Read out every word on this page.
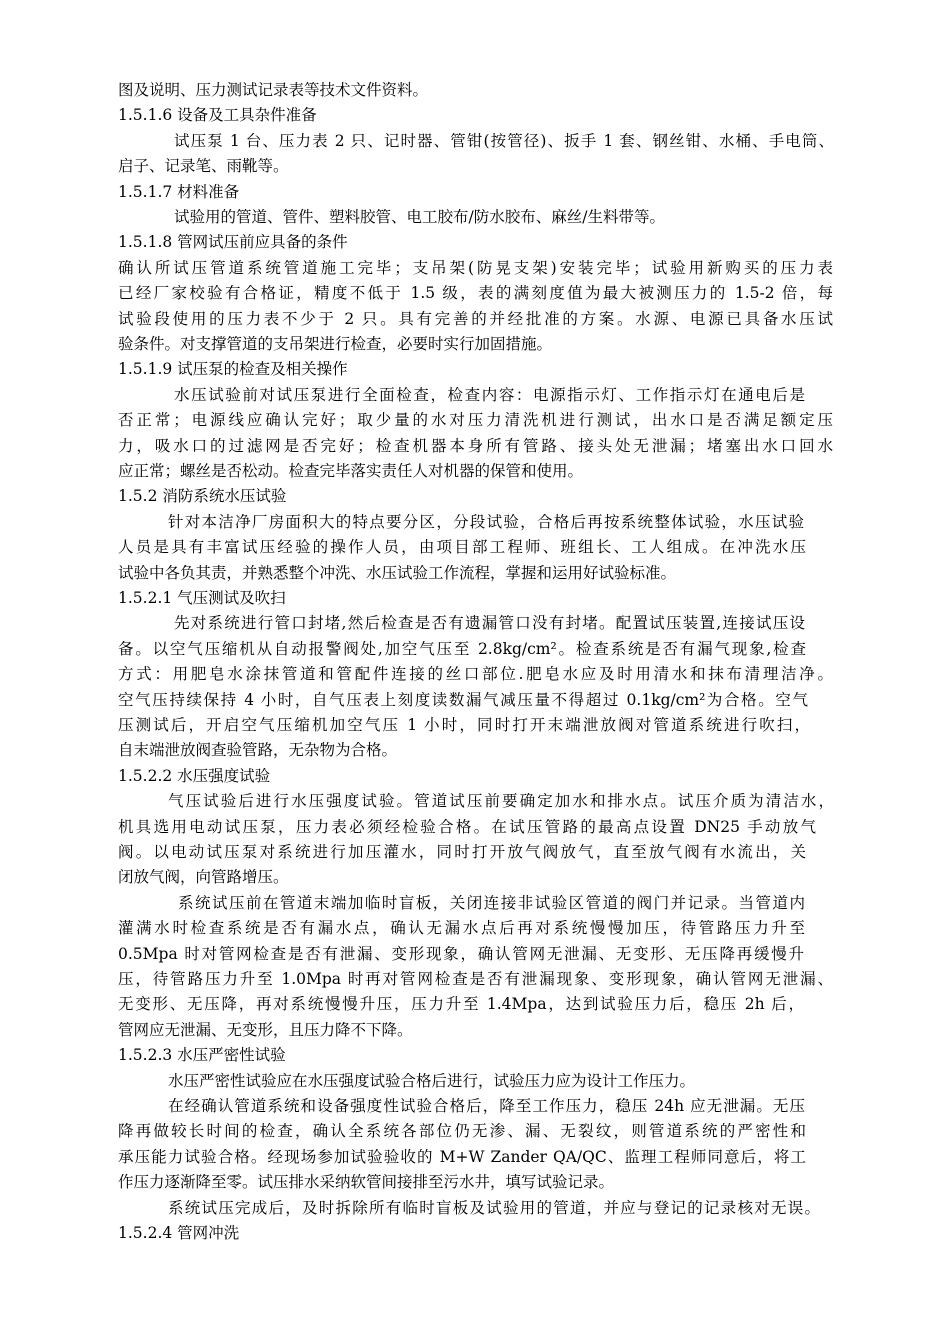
图及说明、压力测试记录表等技术文件资料。
1.5.1.6 设备及工具杂件准备
试压泵 1 台、压力表 2 只、记时器、管钳(按管径)、扳手 1 套、钢丝钳、水桶、手电筒、
启子、记录笔、雨靴等。
1.5.1.7 材料准备
试验用的管道、管件、塑料胶管、电工胶布/防水胶布、麻丝/生料带等。
1.5.1.8 管网试压前应具备的条件
确认所试压管道系统管道施工完毕；支吊架(防晃支架)安装完毕；试验用新购买的压力表
已经厂家校验有合格证，精度不低于 1.5 级，表的满刻度值为最大被测压力的 1.5-2 倍，每
试验段使用的压力表不少于 2 只。具有完善的并经批准的方案。水源、电源已具备水压试
验条件。对支撑管道的支吊架进行检查，必要时实行加固措施。
1.5.1.9 试压泵的检查及相关操作
水压试验前对试压泵进行全面检查，检查内容：电源指示灯、工作指示灯在通电后是
否正常；电源线应确认完好；取少量的水对压力清洗机进行测试，出水口是否满足额定压
力，吸水口的过滤网是否完好；检查机器本身所有管路、接头处无泄漏；堵塞出水口回水
应正常；螺丝是否松动。检查完毕落实责任人对机器的保管和使用。
1.5.2 消防系统水压试验
针对本洁净厂房面积大的特点要分区，分段试验，合格后再按系统整体试验，水压试验
人员是具有丰富试压经验的操作人员，由项目部工程师、班组长、工人组成。在冲洗水压
试验中各负其责，并熟悉整个冲洗、水压试验工作流程，掌握和运用好试验标准。
1.5.2.1 气压测试及吹扫
先对系统进行管口封堵,然后检查是否有遗漏管口没有封堵。配置试压装置,连接试压设
备。以空气压缩机从自动报警阀处,加空气压至 2.8kg/cm²。检查系统是否有漏气现象,检查
方式：用肥皂水涂抹管道和管配件连接的丝口部位.肥皂水应及时用清水和抹布清理洁净。
空气压持续保持 4 小时，自气压表上刻度读数漏气减压量不得超过 0.1kg/cm²为合格。空气
压测试后，开启空气压缩机加空气压 1 小时，同时打开末端泄放阀对管道系统进行吹扫，
自末端泄放阀查验管路，无杂物为合格。
1.5.2.2 水压强度试验
气压试验后进行水压强度试验。管道试压前要确定加水和排水点。试压介质为清洁水，
机具选用电动试压泵，压力表必须经检验合格。在试压管路的最高点设置 DN25 手动放气
阀。以电动试压泵对系统进行加压灌水，同时打开放气阀放气，直至放气阀有水流出，关
闭放气阀，向管路增压。
系统试压前在管道末端加临时盲板，关闭连接非试验区管道的阀门并记录。当管道内
灌满水时检查系统是否有漏水点，确认无漏水点后再对系统慢慢加压，待管路压力升至
0.5Mpa 时对管网检查是否有泄漏、变形现象，确认管网无泄漏、无变形、无压降再缓慢升
压，待管路压力升至 1.0Mpa 时再对管网检查是否有泄漏现象、变形现象，确认管网无泄漏、
无变形、无压降，再对系统慢慢升压，压力升至 1.4Mpa，达到试验压力后，稳压 2h 后，
管网应无泄漏、无变形，且压力降不下降。
1.5.2.3 水压严密性试验
水压严密性试验应在水压强度试验合格后进行，试验压力应为设计工作压力。
在经确认管道系统和设备强度性试验合格后，降至工作压力，稳压 24h 应无泄漏。无压
降再做较长时间的检查，确认全系统各部位仍无渗、漏、无裂纹，则管道系统的严密性和
承压能力试验合格。经现场参加试验验收的 M+W Zander QA/QC、监理工程师同意后，将工
作压力逐渐降至零。试压排水采纳软管间接排至污水井，填写试验记录。
系统试压完成后，及时拆除所有临时盲板及试验用的管道，并应与登记的记录核对无误。
1.5.2.4 管网冲洗
